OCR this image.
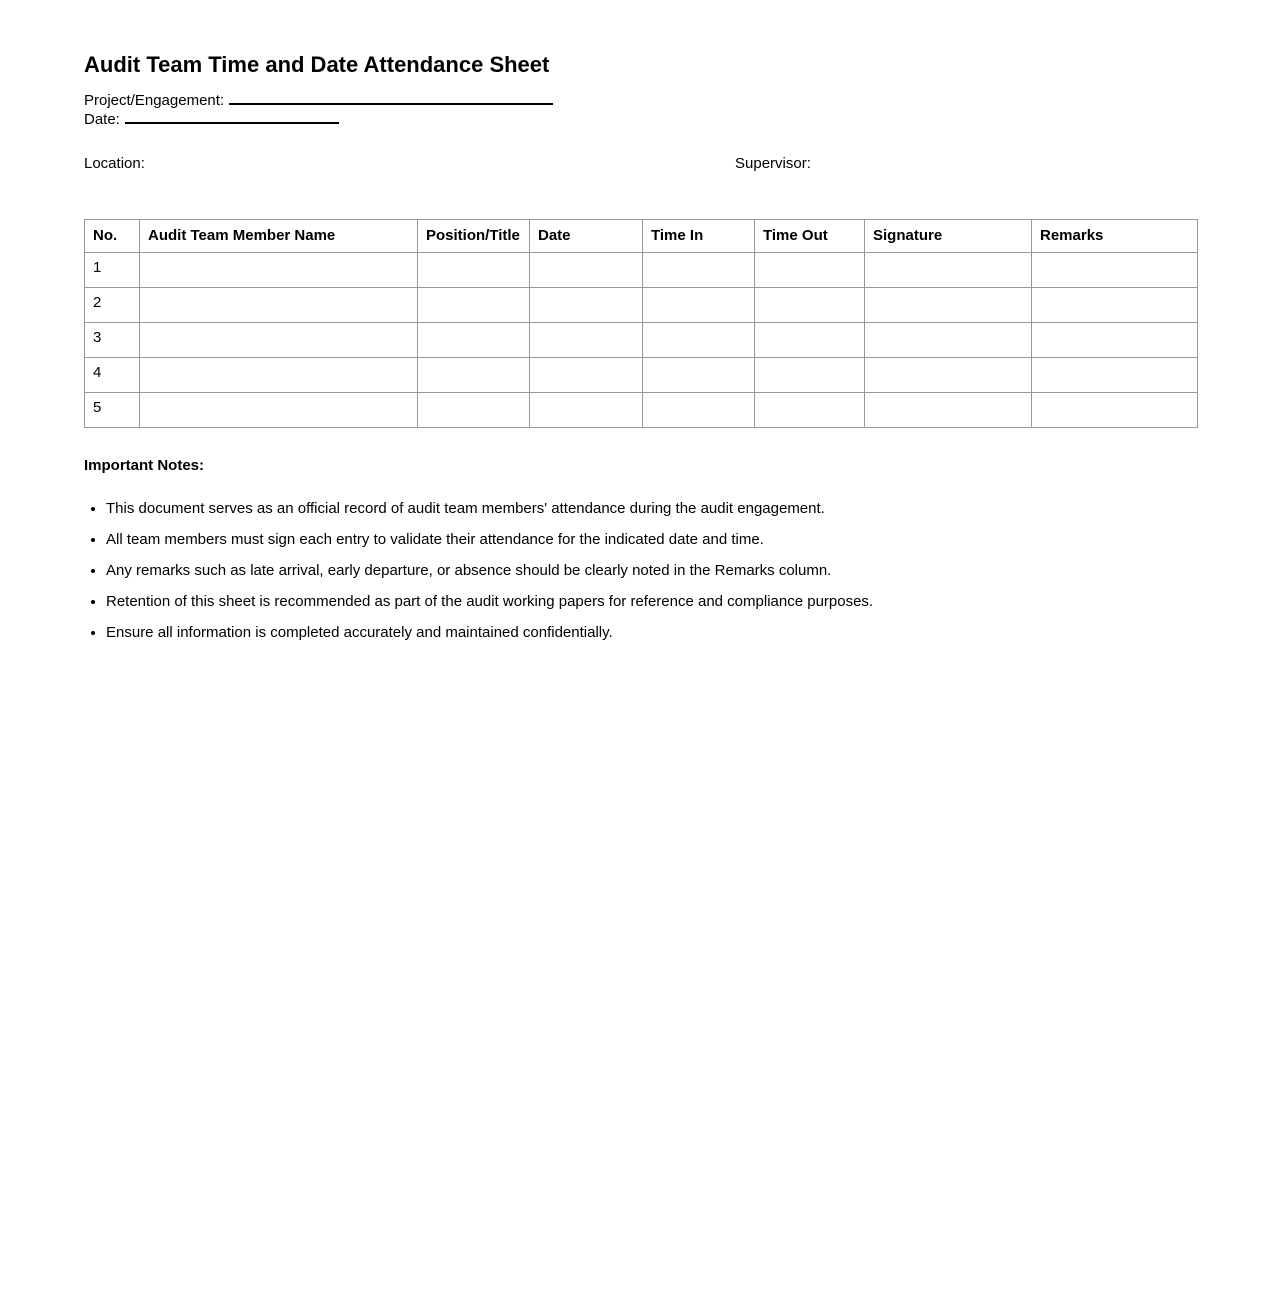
Audit Team Time and Date Attendance Sheet
Project/Engagement:
Date:
Location:	Supervisor:
No.	Audit Team Member Name	Position/Title	Date	Time In	Time Out	Signature	Remarks
1							
2							
3							
4							
5							
Important Notes:
• This document serves as an official record of audit team members' attendance during the audit engagement.
• All team members must sign each entry to validate their attendance for the indicated date and time.
• Any remarks such as late arrival, early departure, or absence should be clearly noted in the Remarks column.
• Retention of this sheet is recommended as part of the audit working papers for reference and compliance purposes.
• Ensure all information is completed accurately and maintained confidentially.
